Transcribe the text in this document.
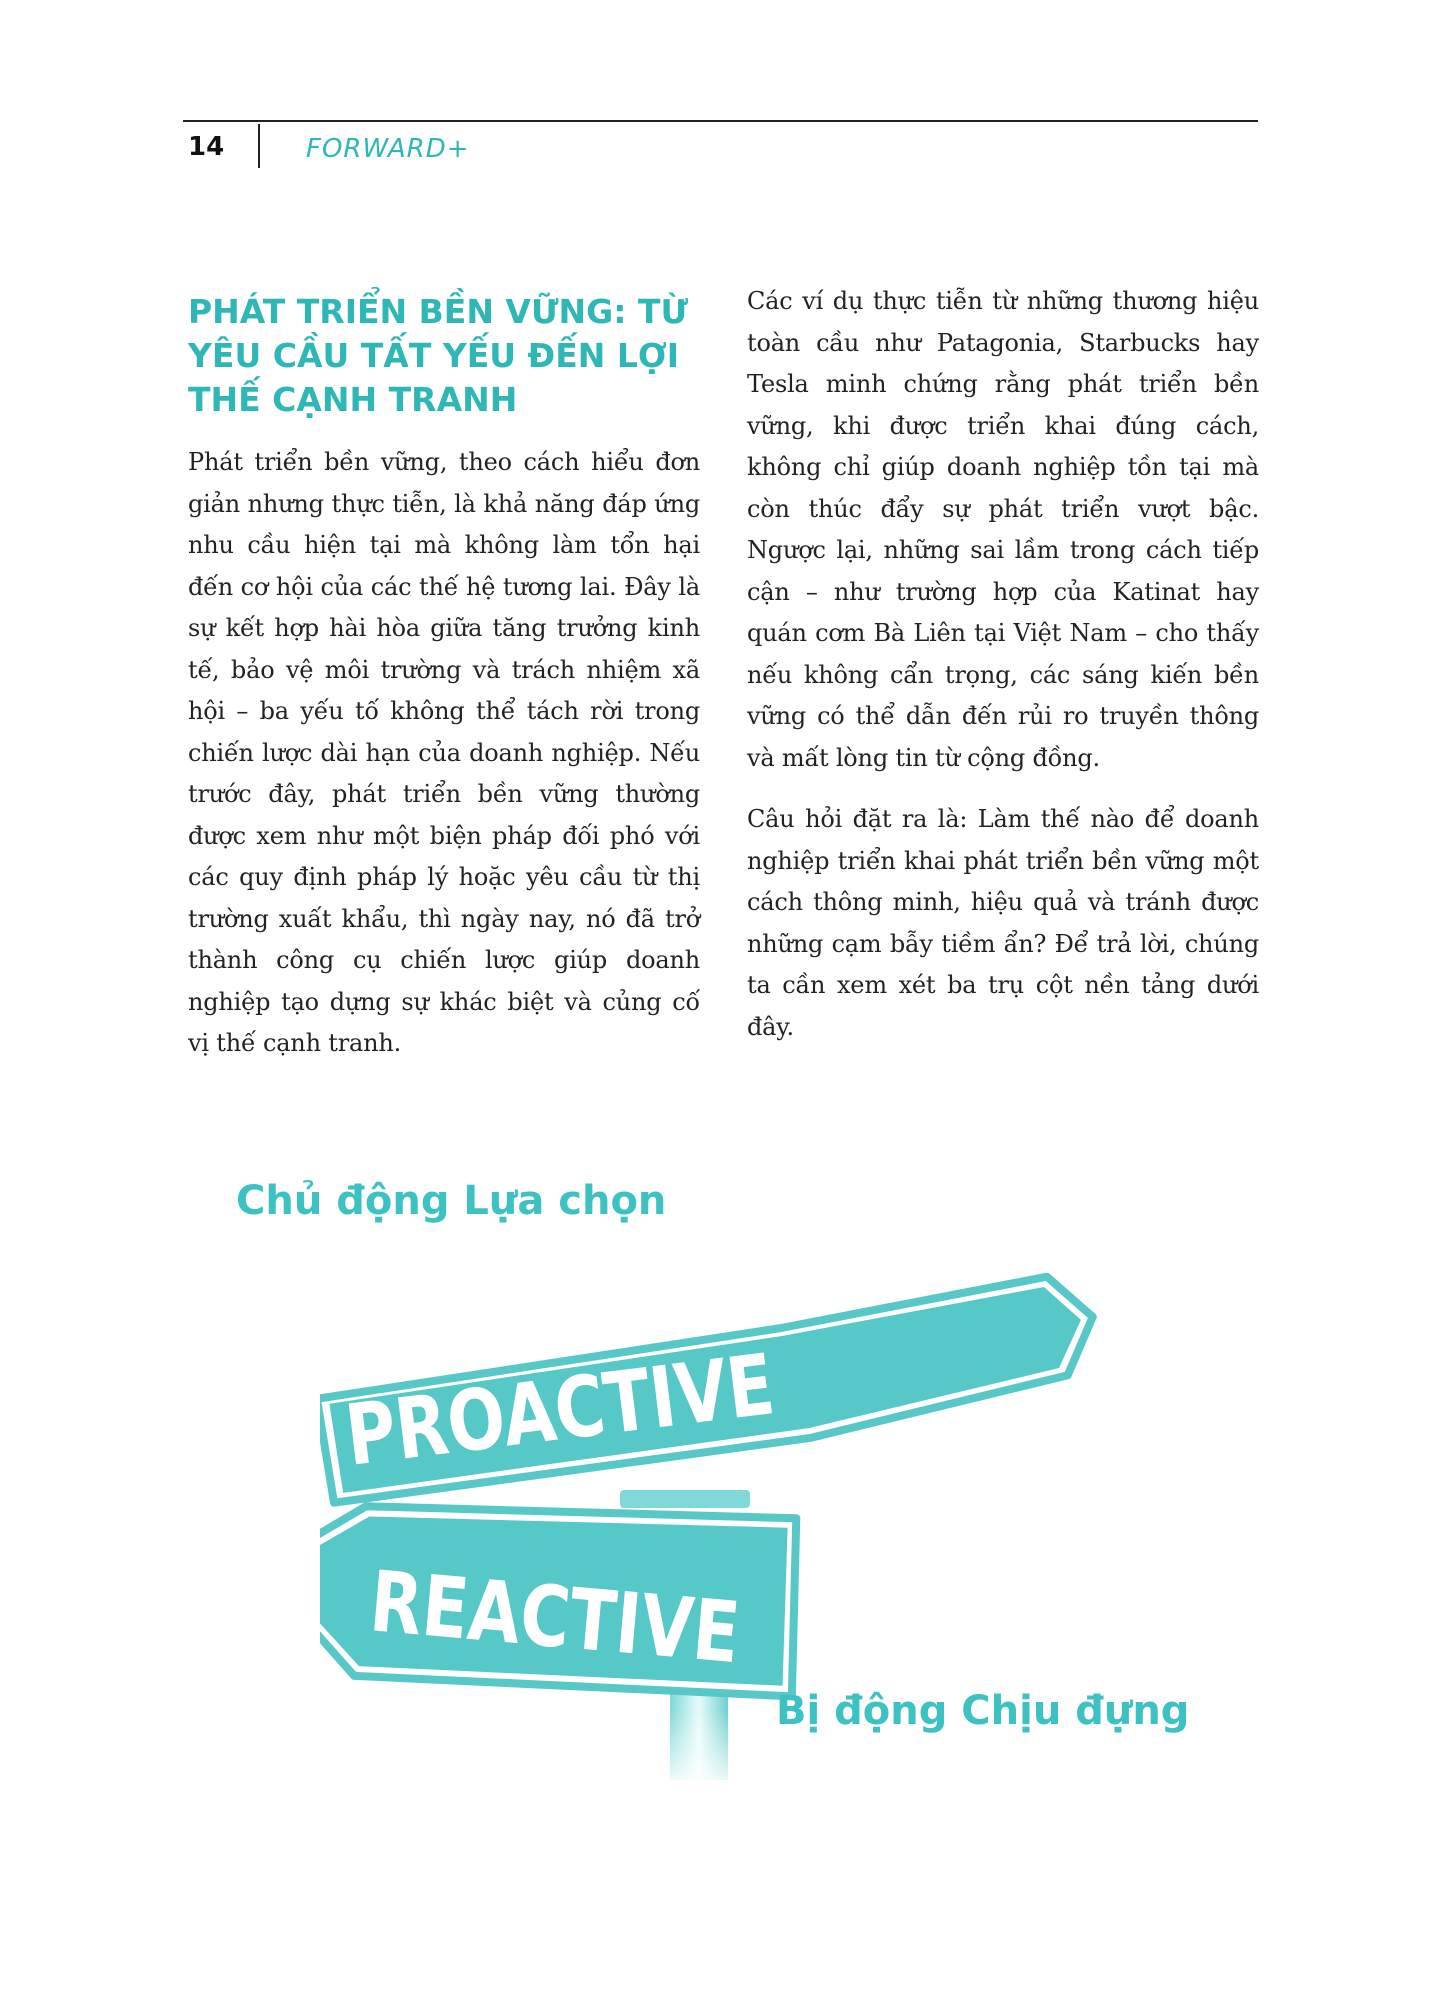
14	FORWARD+
PHÁT TRIỂN BỀN VỮNG: TỪ YÊU CẦU TẤT YẾU ĐẾN LỢI THẾ CẠNH TRANH

Phát triển bền vững, theo cách hiểu đơn giản nhưng thực tiễn, là khả năng đáp ứng nhu cầu hiện tại mà không làm tổn hại đến cơ hội của các thế hệ tương lai. Đây là sự kết hợp hài hòa giữa tăng trưởng kinh tế, bảo vệ môi trường và trách nhiệm xã hội – ba yếu tố không thể tách rời trong chiến lược dài hạn của doanh nghiệp. Nếu trước đây, phát triển bền vững thường được xem như một biện pháp đối phó với các quy định pháp lý hoặc yêu cầu từ thị trường xuất khẩu, thì ngày nay, nó đã trở thành công cụ chiến lược giúp doanh nghiệp tạo dựng sự khác biệt và củng cố vị thế cạnh tranh.

Các ví dụ thực tiễn từ những thương hiệu toàn cầu như Patagonia, Starbucks hay Tesla minh chứng rằng phát triển bền vững, khi được triển khai đúng cách, không chỉ giúp doanh nghiệp tồn tại mà còn thúc đẩy sự phát triển vượt bậc. Ngược lại, những sai lầm trong cách tiếp cận – như trường hợp của Katinat hay quán cơm Bà Liên tại Việt Nam – cho thấy nếu không cẩn trọng, các sáng kiến bền vững có thể dẫn đến rủi ro truyền thông và mất lòng tin từ cộng đồng.

Câu hỏi đặt ra là: Làm thế nào để doanh nghiệp triển khai phát triển bền vững một cách thông minh, hiệu quả và tránh được những cạm bẫy tiềm ẩn? Để trả lời, chúng ta cần xem xét ba trụ cột nền tảng dưới đây.

Chủ động Lựa chọn
PROACTIVE
REACTIVE
Bị động Chịu đựng
